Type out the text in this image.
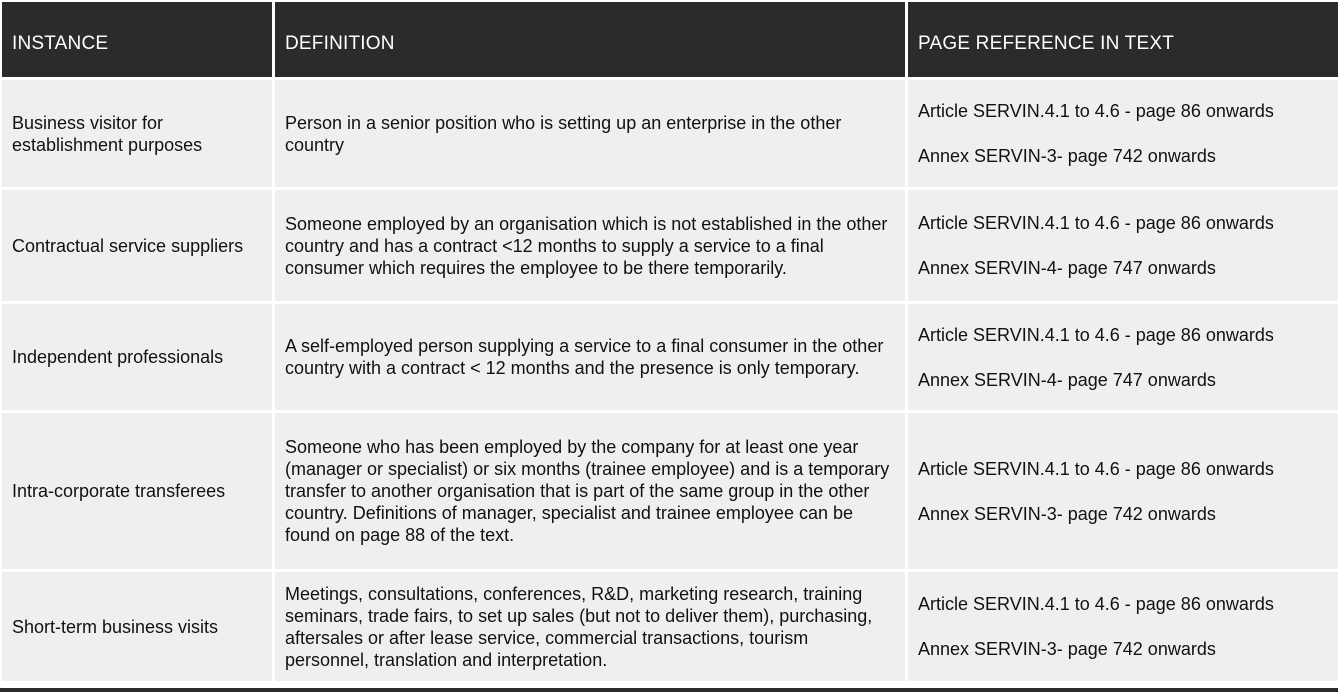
INSTANCE	DEFINITION	PAGE REFERENCE IN TEXT
Business visitor for establishment purposes
Person in a senior position who is setting up an enterprise in the other country
Article SERVIN.4.1 to 4.6 - page 86 onwards
Annex SERVIN-3- page 742 onwards
Contractual service suppliers
Someone employed by an organisation which is not established in the other country and has a contract <12 months to supply a service to a final consumer which requires the employee to be there temporarily.
Article SERVIN.4.1 to 4.6 - page 86 onwards
Annex SERVIN-4- page 747 onwards
Independent professionals
A self-employed person supplying a service to a final consumer in the other country with a contract < 12 months and the presence is only temporary.
Article SERVIN.4.1 to 4.6 - page 86 onwards
Annex SERVIN-4- page 747 onwards
Intra-corporate transferees
Someone who has been employed by the company for at least one year (manager or specialist) or six months (trainee employee) and is a temporary transfer to another organisation that is part of the same group in the other country. Definitions of manager, specialist and trainee employee can be found on page 88 of the text.
Article SERVIN.4.1 to 4.6 - page 86 onwards
Annex SERVIN-3- page 742 onwards
Short-term business visits
Meetings, consultations, conferences, R&D, marketing research, training seminars, trade fairs, to set up sales (but not to deliver them), purchasing, aftersales or after lease service, commercial transactions, tourism personnel, translation and interpretation.
Article SERVIN.4.1 to 4.6 - page 86 onwards
Annex SERVIN-3- page 742 onwards
